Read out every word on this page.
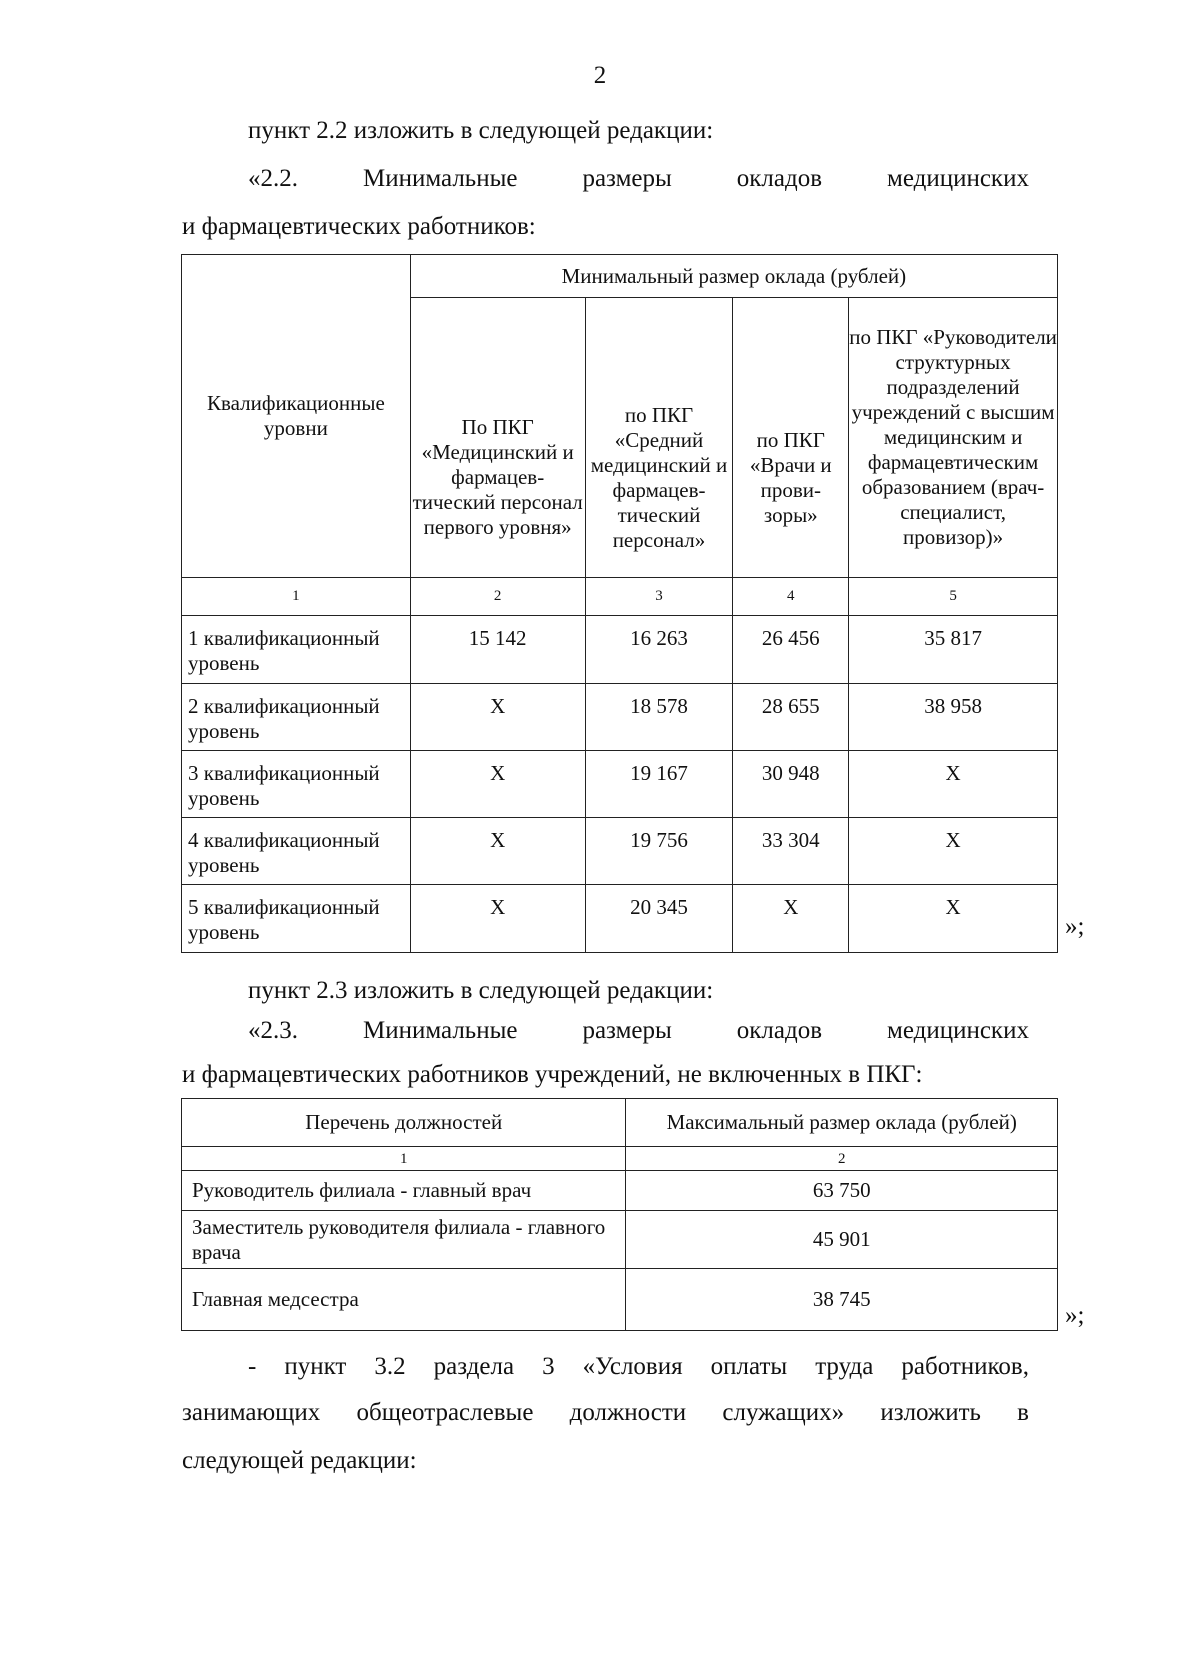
2
пункт 2.2 изложить в следующей редакции:
«2.2.	Минимальные	размеры	окладов	медицинских
и фармацевтических работников:
Квалификационные уровни	Минимальный размер оклада (рублей)			
	По ПКГ «Медицинский и фармацев- тический персонал первого уровня»	по ПКГ «Средний медицинский и фармацев- тический персонал»	по ПКГ «Врачи и прови- зоры»	по ПКГ «Руководители структурных подразделений учреждений с высшим медицинским и фармацевтическим образованием (врач-специалист, провизор)»
1	2	3	4	5
1 квалификационный уровень	15 142	16 263	26 456	35 817
2 квалификационный уровень	X	18 578	28 655	38 958
3 квалификационный уровень	X	19 167	30 948	X
4 квалификационный уровень	X	19 756	33 304	X
5 квалификационный уровень	X	20 345	X	X
»;
пункт 2.3 изложить в следующей редакции:
«2.3.	Минимальные	размеры	окладов	медицинских
и фармацевтических работников учреждений, не включенных в ПКГ:
Перечень должностей	Максимальный размер оклада (рублей)
1	2
Руководитель филиала - главный врач	63 750
Заместитель руководителя филиала - главного врача	45 901
Главная медсестра	38 745
»;
- пункт 3.2 раздела 3 «Условия оплаты труда работников,
занимающих общеотраслевые должности служащих» изложить в
следующей редакции:
